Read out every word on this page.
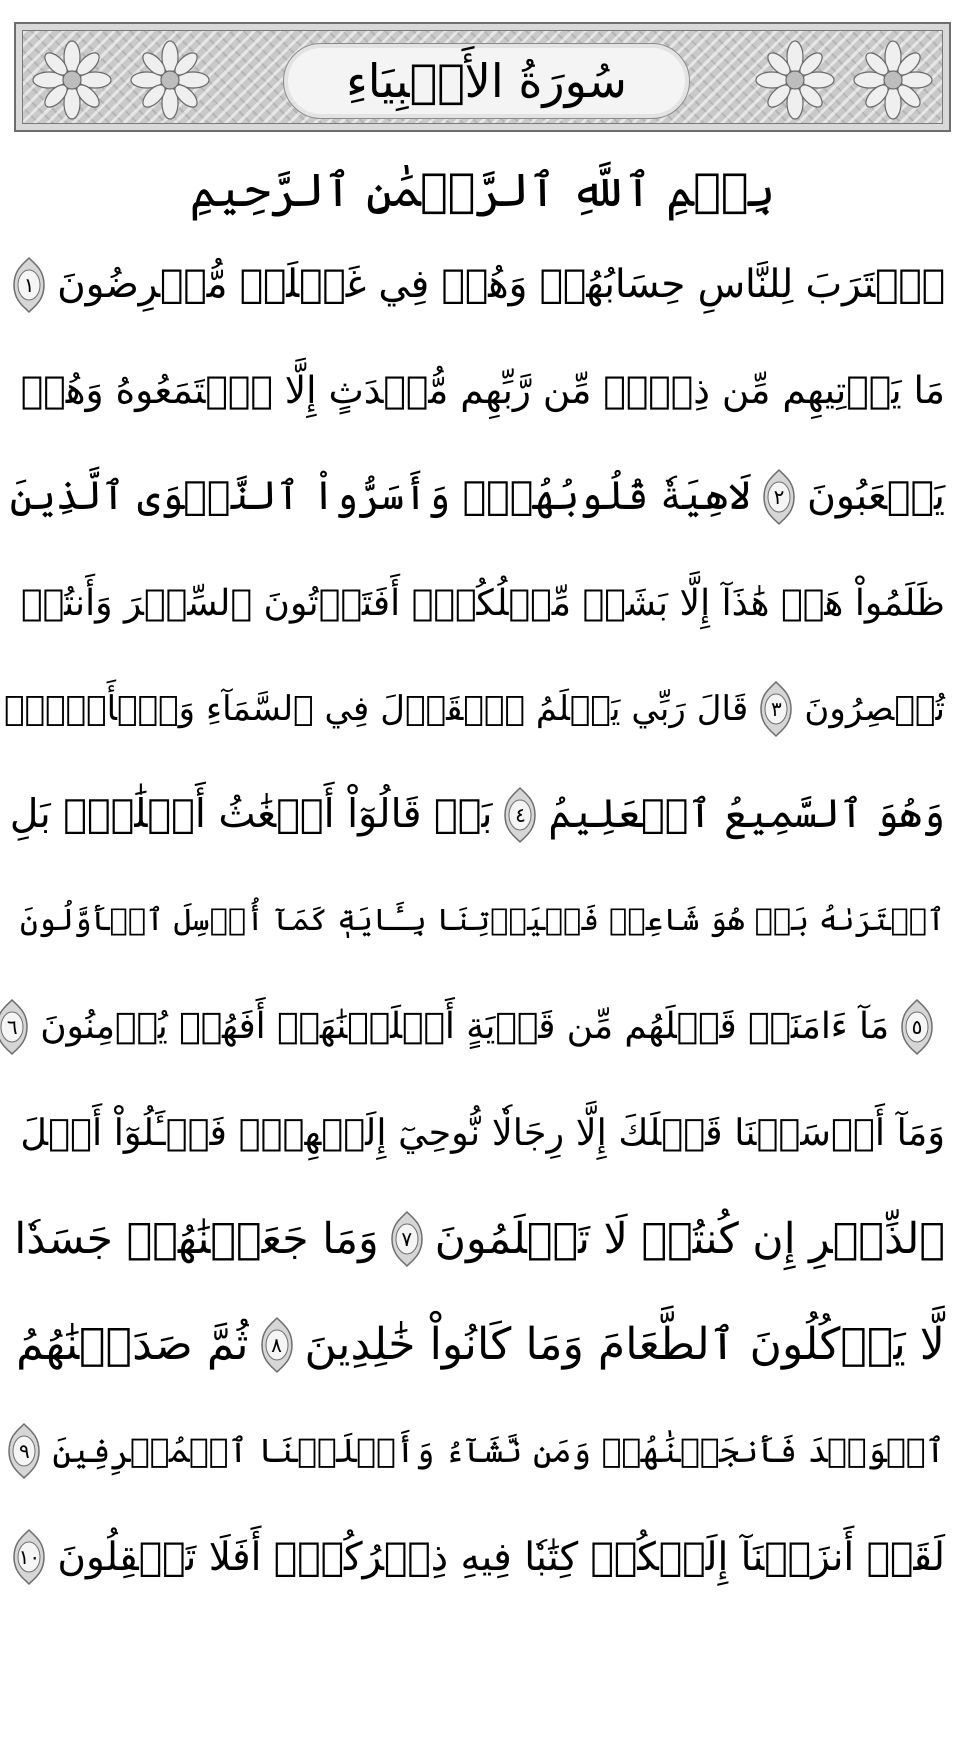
سُورَةُ الأَنۢبِيَاءِ
بِسۡمِ ٱللَّهِ ٱلرَّحۡمَٰنِ ٱلرَّحِيمِ
ٱقۡتَرَبَ لِلنَّاسِ حِسَابُهُمۡ وَهُمۡ فِي غَفۡلَةٖ مُّعۡرِضُونَ
١
مَا يَأۡتِيهِم مِّن ذِكۡرٖ مِّن رَّبِّهِم مُّحۡدَثٍ إِلَّا ٱسۡتَمَعُوهُ وَهُمۡ
يَلۡعَبُونَ
٢
لَاهِيَةٗ قُلُوبُهُمۡۗ وَأَسَرُّواْ ٱلنَّجۡوَى ٱلَّذِينَ
ظَلَمُواْ هَلۡ هَٰذَآ إِلَّا بَشَرٞ مِّثۡلُكُمۡۖ أَفَتَأۡتُونَ ٱلسِّحۡرَ وَأَنتُمۡ
تُبۡصِرُونَ
٣
قَالَ رَبِّي يَعۡلَمُ ٱلۡقَوۡلَ فِي ٱلسَّمَآءِ وَٱلۡأَرۡضِۖ
وَهُوَ ٱلسَّمِيعُ ٱلۡعَلِيمُ
٤
بَلۡ قَالُوٓاْ أَضۡغَٰثُ أَحۡلَٰمِۭ بَلِ
ٱفۡتَرَىٰهُ بَلۡ هُوَ شَاعِرٞ فَلۡيَأۡتِنَا بِـَٔايَةٖ كَمَآ أُرۡسِلَ ٱلۡأَوَّلُونَ
٥
مَآ ءَامَنَتۡ قَبۡلَهُم مِّن قَرۡيَةٍ أَهۡلَكۡنَٰهَآۖ أَفَهُمۡ يُؤۡمِنُونَ
٦
وَمَآ أَرۡسَلۡنَا قَبۡلَكَ إِلَّا رِجَالٗا نُّوحِيٓ إِلَيۡهِمۡۖ فَسۡـَٔلُوٓاْ أَهۡلَ
ٱلذِّكۡرِ إِن كُنتُمۡ لَا تَعۡلَمُونَ
٧
وَمَا جَعَلۡنَٰهُمۡ جَسَدٗا
لَّا يَأۡكُلُونَ ٱلطَّعَامَ وَمَا كَانُواْ خَٰلِدِينَ
٨
ثُمَّ صَدَقۡنَٰهُمُ
ٱلۡوَعۡدَ فَأَنجَيۡنَٰهُمۡ وَمَن نَّشَآءُ وَأَهۡلَكۡنَا ٱلۡمُسۡرِفِينَ
٩
لَقَدۡ أَنزَلۡنَآ إِلَيۡكُمۡ كِتَٰبٗا فِيهِ ذِكۡرُكُمۡۚ أَفَلَا تَعۡقِلُونَ
١٠
